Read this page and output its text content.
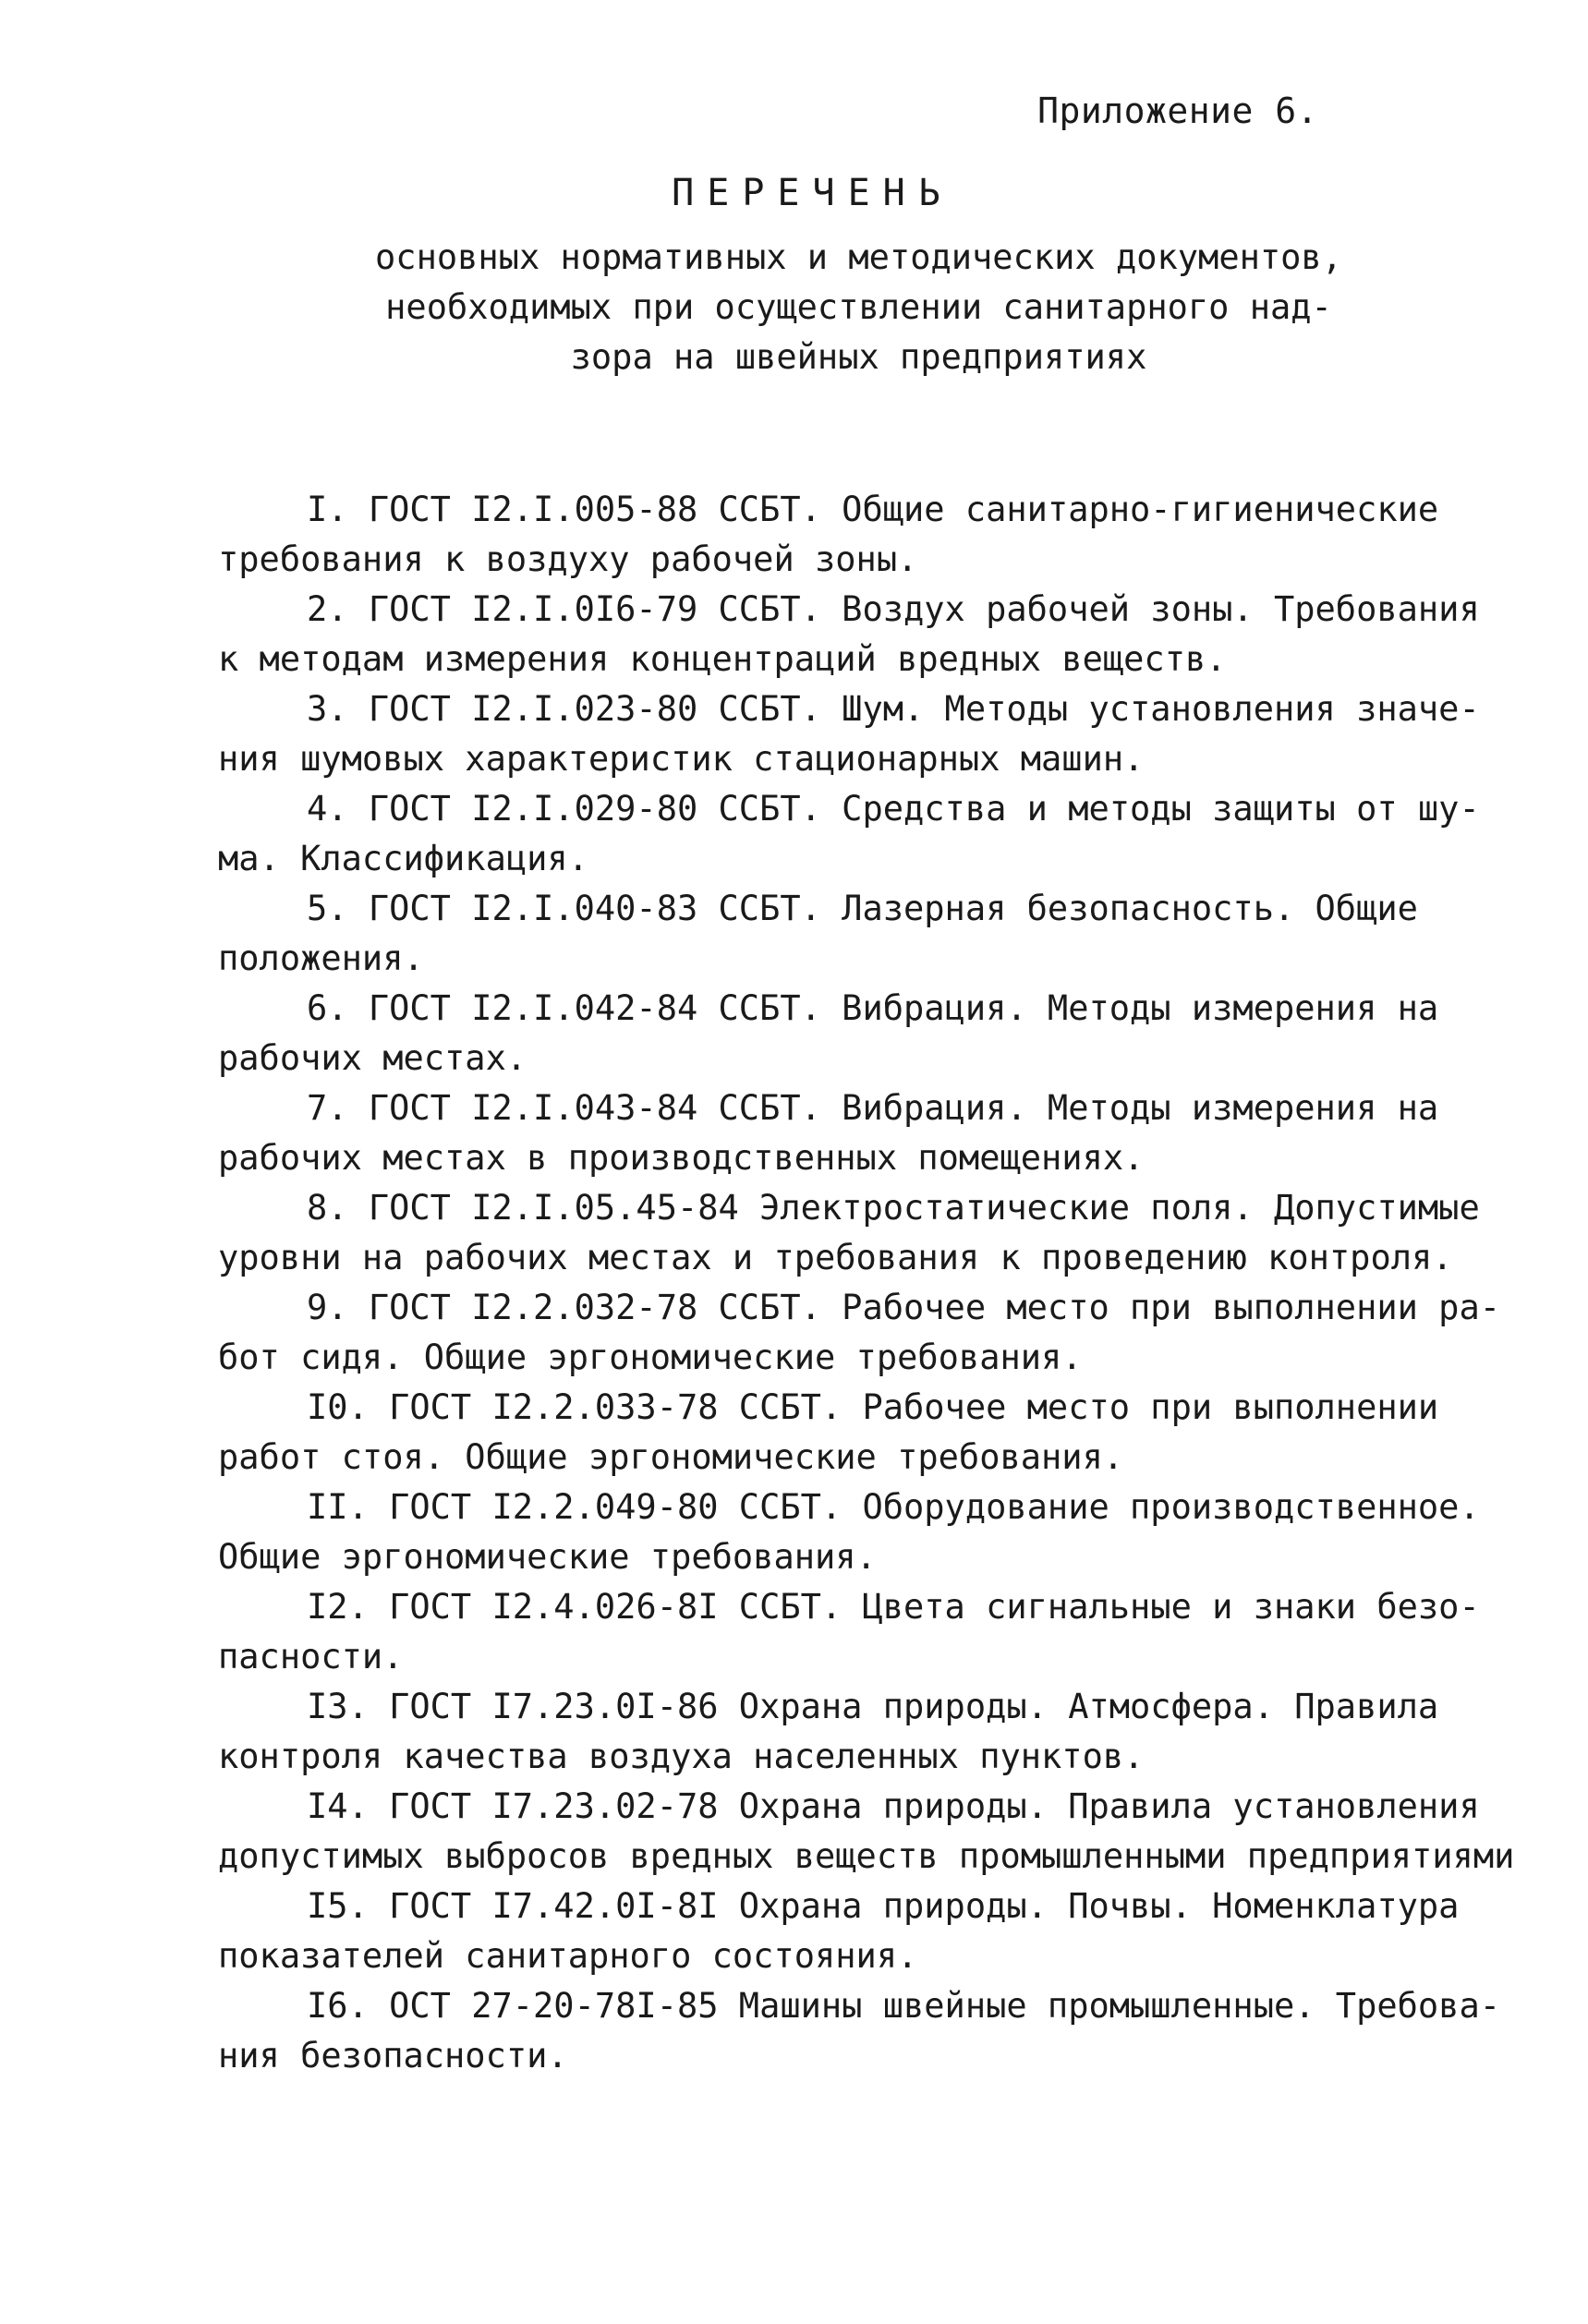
Приложение 6.
ПЕРЕЧЕНЬ
основных нормативных и методических документов,
необходимых при осуществлении санитарного над-
зора на швейных предприятиях
I. ГОСТ I2.I.005-88 ССБТ. Общие санитарно-гигиенические
требования к воздуху рабочей зоны.
2. ГОСТ I2.I.0I6-79 ССБТ. Воздух рабочей зоны. Требования
к методам измерения концентраций вредных веществ.
3. ГОСТ I2.I.023-80 ССБТ. Шум. Методы установления значе-
ния шумовых характеристик стационарных машин.
4. ГОСТ I2.I.029-80 ССБТ. Средства и методы защиты от шу-
ма. Классификация.
5. ГОСТ I2.I.040-83 ССБТ. Лазерная безопасность. Общие
положения.
6. ГОСТ I2.I.042-84 ССБТ. Вибрация. Методы измерения на
рабочих местах.
7. ГОСТ I2.I.043-84 ССБТ. Вибрация. Методы измерения на
рабочих местах в производственных помещениях.
8. ГОСТ I2.I.05.45-84 Электростатические поля. Допустимые
уровни на рабочих местах и требования к проведению контроля.
9. ГОСТ I2.2.032-78 ССБТ. Рабочее место при выполнении ра-
бот сидя. Общие эргономические требования.
I0. ГОСТ I2.2.033-78 ССБТ. Рабочее место при выполнении
работ стоя. Общие эргономические требования.
II. ГОСТ I2.2.049-80 ССБТ. Оборудование производственное.
Общие эргономические требования.
I2. ГОСТ I2.4.026-8I ССБТ. Цвета сигнальные и знаки безо-
пасности.
I3. ГОСТ I7.23.0I-86 Охрана природы. Атмосфера. Правила
контроля качества воздуха населенных пунктов.
I4. ГОСТ I7.23.02-78 Охрана природы. Правила установления
допустимых выбросов вредных веществ промышленными предприятиями
I5. ГОСТ I7.42.0I-8I Охрана природы. Почвы. Номенклатура
показателей санитарного состояния.
I6. ОСТ 27-20-78I-85 Машины швейные промышленные. Требова-
ния безопасности.
